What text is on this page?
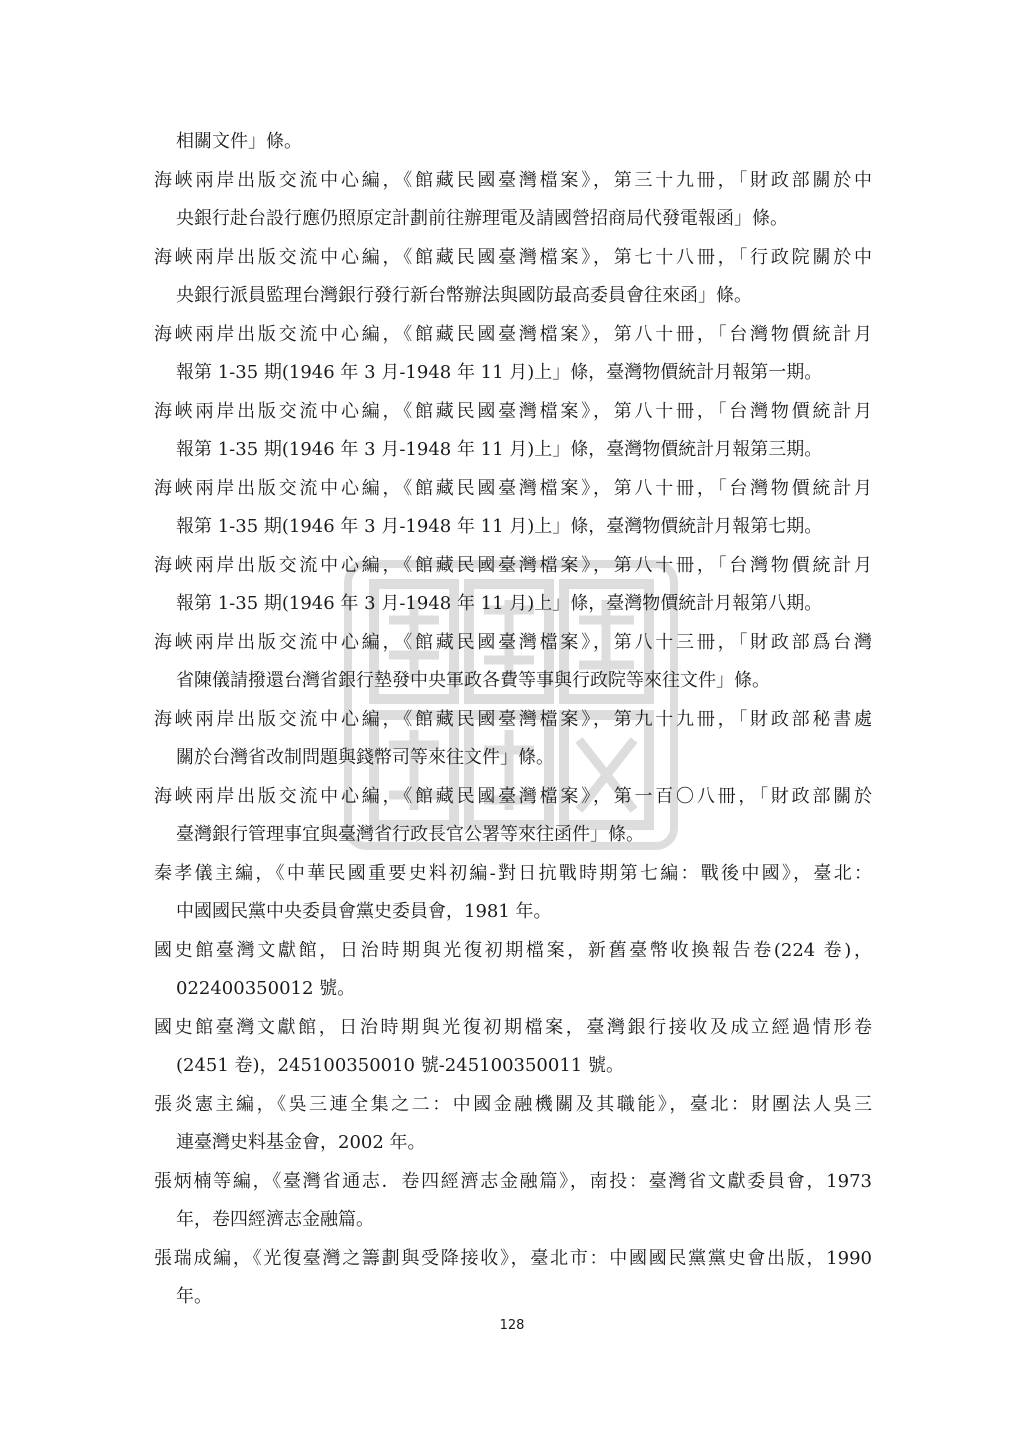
相關文件」條。
海峽兩岸出版交流中心編，《館藏民國臺灣檔案》，第三十九冊，「財政部關於中
央銀行赴台設行應仍照原定計劃前往辦理電及請國營招商局代發電報函」條。
海峽兩岸出版交流中心編，《館藏民國臺灣檔案》，第七十八冊，「行政院關於中
央銀行派員監理台灣銀行發行新台幣辦法與國防最高委員會往來函」條。
海峽兩岸出版交流中心編，《館藏民國臺灣檔案》，第八十冊，「台灣物價統計月
報第 1-35 期(1946 年 3 月-1948 年 11 月)上」條，臺灣物價統計月報第一期。
海峽兩岸出版交流中心編，《館藏民國臺灣檔案》，第八十冊，「台灣物價統計月
報第 1-35 期(1946 年 3 月-1948 年 11 月)上」條，臺灣物價統計月報第三期。
海峽兩岸出版交流中心編，《館藏民國臺灣檔案》，第八十冊，「台灣物價統計月
報第 1-35 期(1946 年 3 月-1948 年 11 月)上」條，臺灣物價統計月報第七期。
海峽兩岸出版交流中心編，《館藏民國臺灣檔案》，第八十冊，「台灣物價統計月
報第 1-35 期(1946 年 3 月-1948 年 11 月)上」條，臺灣物價統計月報第八期。
海峽兩岸出版交流中心編，《館藏民國臺灣檔案》，第八十三冊，「財政部爲台灣
省陳儀請撥還台灣省銀行墊發中央軍政各費等事與行政院等來往文件」條。
海峽兩岸出版交流中心編，《館藏民國臺灣檔案》，第九十九冊，「財政部秘書處
關於台灣省改制問題與錢幣司等來往文件」條。
海峽兩岸出版交流中心編，《館藏民國臺灣檔案》，第一百〇八冊，「財政部關於
臺灣銀行管理事宜與臺灣省行政長官公署等來往函件」條。
秦孝儀主編，《中華民國重要史料初編-對日抗戰時期第七編：戰後中國》，臺北：
中國國民黨中央委員會黨史委員會，1981 年。
國史館臺灣文獻館，日治時期與光復初期檔案，新舊臺幣收換報告卷(224 卷)，
022400350012 號。
國史館臺灣文獻館，日治時期與光復初期檔案，臺灣銀行接收及成立經過情形卷
(2451 卷)，245100350010 號-245100350011 號。
張炎憲主編，《吳三連全集之二：中國金融機關及其職能》，臺北：財團法人吳三
連臺灣史料基金會，2002 年。
張炳楠等編，《臺灣省通志．卷四經濟志金融篇》，南投：臺灣省文獻委員會，1973
年，卷四經濟志金融篇。
張瑞成編，《光復臺灣之籌劃與受降接收》，臺北市：中國國民黨黨史會出版，1990
年。
128
